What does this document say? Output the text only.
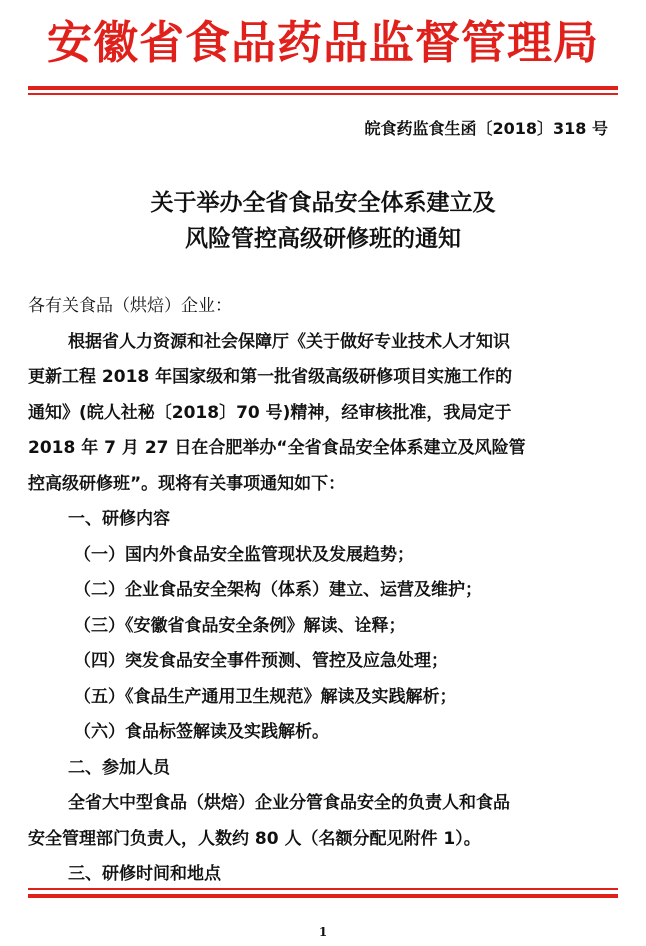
安徽省食品药品监督管理局
皖食药监食生函〔2018〕318 号
关于举办全省食品安全体系建立及
风险管控高级研修班的通知
各有关食品（烘焙）企业：
根据省人力资源和社会保障厅《关于做好专业技术人才知识
更新工程 2018 年国家级和第一批省级高级研修项目实施工作的
通知》(皖人社秘〔2018〕70 号)精神，经审核批准，我局定于
2018 年 7 月 27 日在合肥举办“全省食品安全体系建立及风险管
控高级研修班”。现将有关事项通知如下：
一、研修内容
（一）国内外食品安全监管现状及发展趋势；
（二）企业食品安全架构（体系）建立、运营及维护；
（三）《安徽省食品安全条例》解读、诠释；
（四）突发食品安全事件预测、管控及应急处理；
（五）《食品生产通用卫生规范》解读及实践解析；
（六）食品标签解读及实践解析。
二、参加人员
全省大中型食品（烘焙）企业分管食品安全的负责人和食品
安全管理部门负责人，人数约 80 人（名额分配见附件 1）。
三、研修时间和地点
1
